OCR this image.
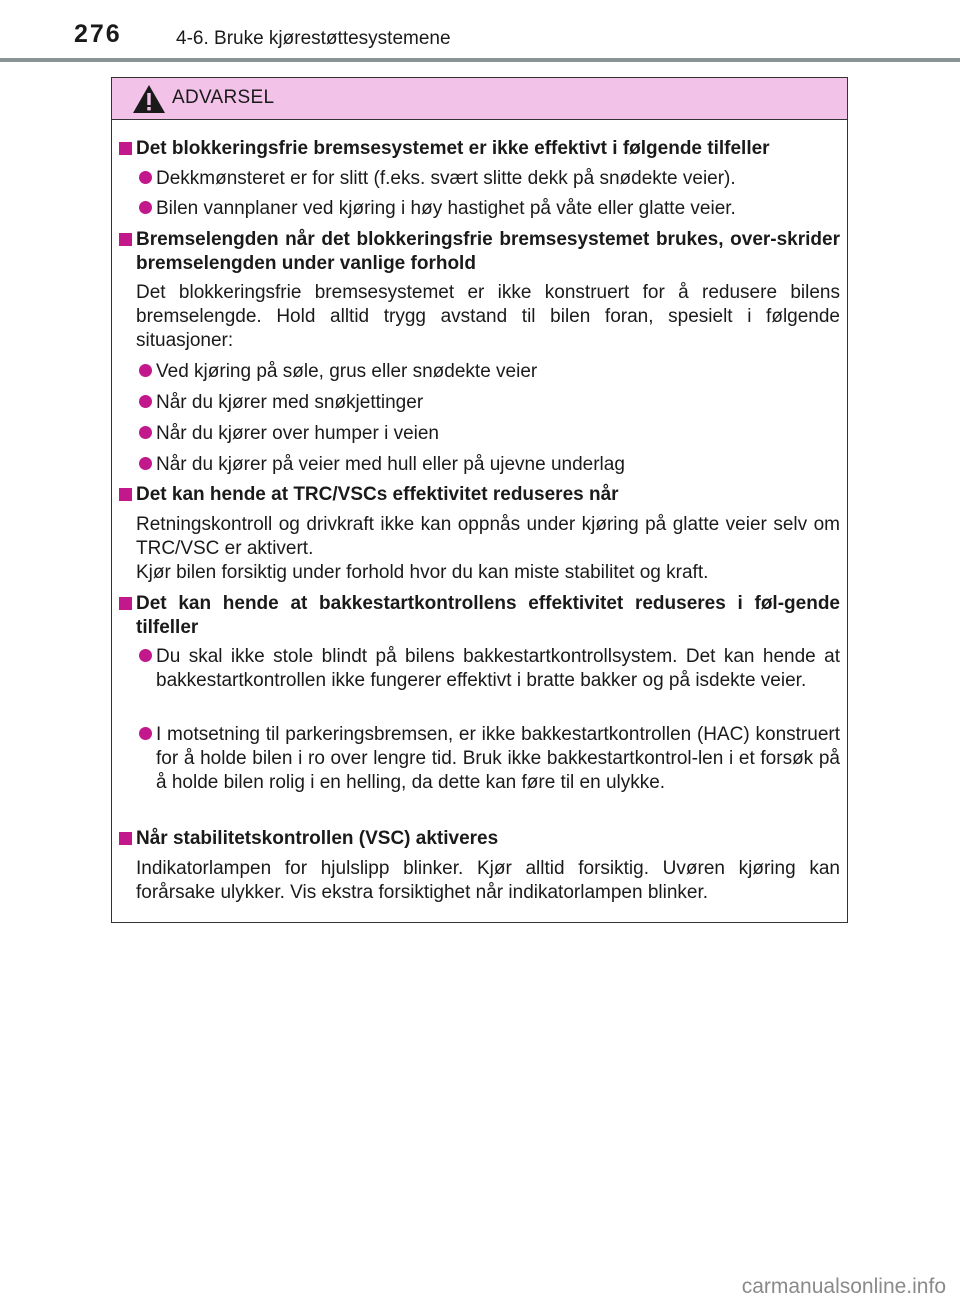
276	4-6. Bruke kjørestøttesystemene
ADVARSEL
Det blokkeringsfrie bremsesystemet er ikke effektivt i følgende tilfeller
Dekkmønsteret er for slitt (f.eks. svært slitte dekk på snødekte veier).
Bilen vannplaner ved kjøring i høy hastighet på våte eller glatte veier.
Bremselengden når det blokkeringsfrie bremsesystemet brukes, over-skrider bremselengden under vanlige forhold
Det blokkeringsfrie bremsesystemet er ikke konstruert for å redusere bilens bremselengde. Hold alltid trygg avstand til bilen foran, spesielt i følgende situasjoner:
Ved kjøring på søle, grus eller snødekte veier
Når du kjører med snøkjettinger
Når du kjører over humper i veien
Når du kjører på veier med hull eller på ujevne underlag
Det kan hende at TRC/VSCs effektivitet reduseres når
Retningskontroll og drivkraft ikke kan oppnås under kjøring på glatte veier selv om TRC/VSC er aktivert.
Kjør bilen forsiktig under forhold hvor du kan miste stabilitet og kraft.
Det kan hende at bakkestartkontrollens effektivitet reduseres i føl-gende tilfeller
Du skal ikke stole blindt på bilens bakkestartkontrollsystem. Det kan hende at bakkestartkontrollen ikke fungerer effektivt i bratte bakker og på isdekte veier.
I motsetning til parkeringsbremsen, er ikke bakkestartkontrollen (HAC) konstruert for å holde bilen i ro over lengre tid. Bruk ikke bakkestartkontrol-len i et forsøk på å holde bilen rolig i en helling, da dette kan føre til en ulykke.
Når stabilitetskontrollen (VSC) aktiveres
Indikatorlampen for hjulslipp blinker. Kjør alltid forsiktig. Uvøren kjøring kan forårsake ulykker. Vis ekstra forsiktighet når indikatorlampen blinker.
carmanualsonline.info
